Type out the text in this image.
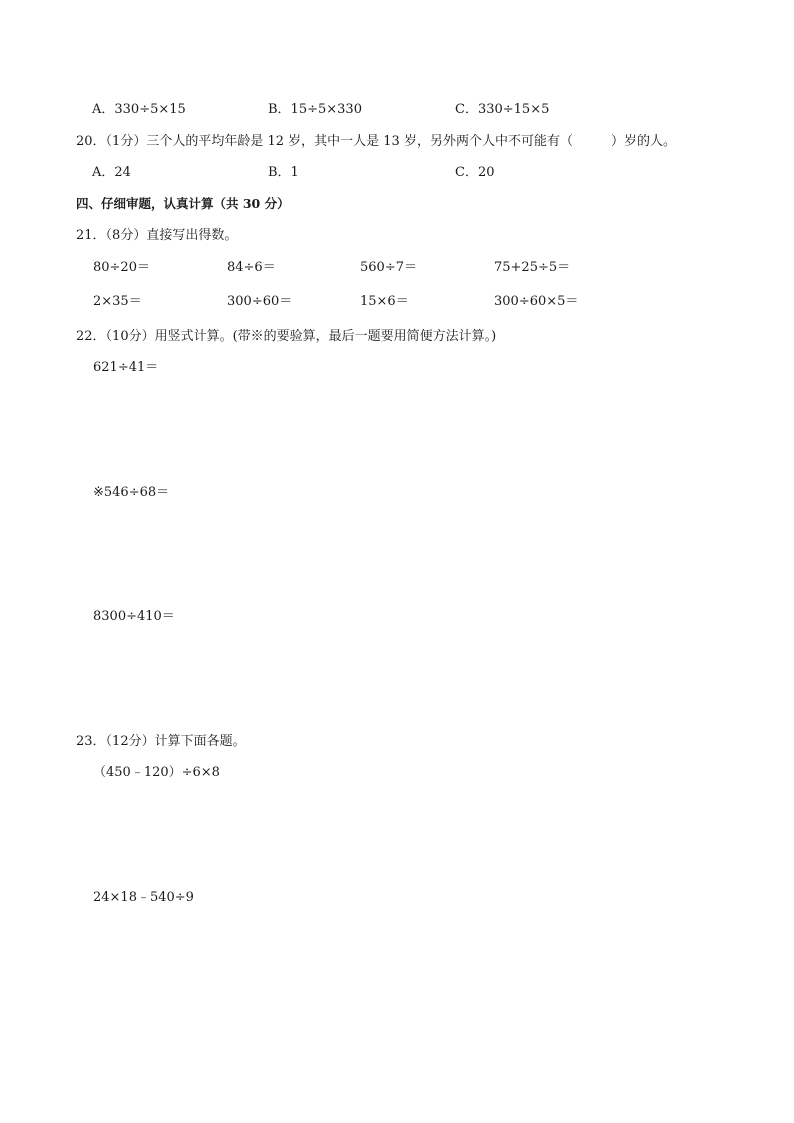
A．330÷5×15	B．15÷5×330	C．330÷15×5
20．（1分）三个人的平均年龄是 12 岁，其中一人是 13 岁，另外两个人中不可能有（	）岁的人。
A．24	B．1	C．20
四、仔细审题，认真计算（共 30 分）
21．（8分）直接写出得数。
80÷20＝	84÷6＝	560÷7＝	75+25÷5＝
2×35＝	300÷60＝	15×6＝	300÷60×5＝
22．（10分）用竖式计算。(带※的要验算，最后一题要用简便方法计算。)
621÷41＝
※546÷68＝
8300÷410＝
23．（12分）计算下面各题。
（450﹣120）÷6×8
24×18﹣540÷9
